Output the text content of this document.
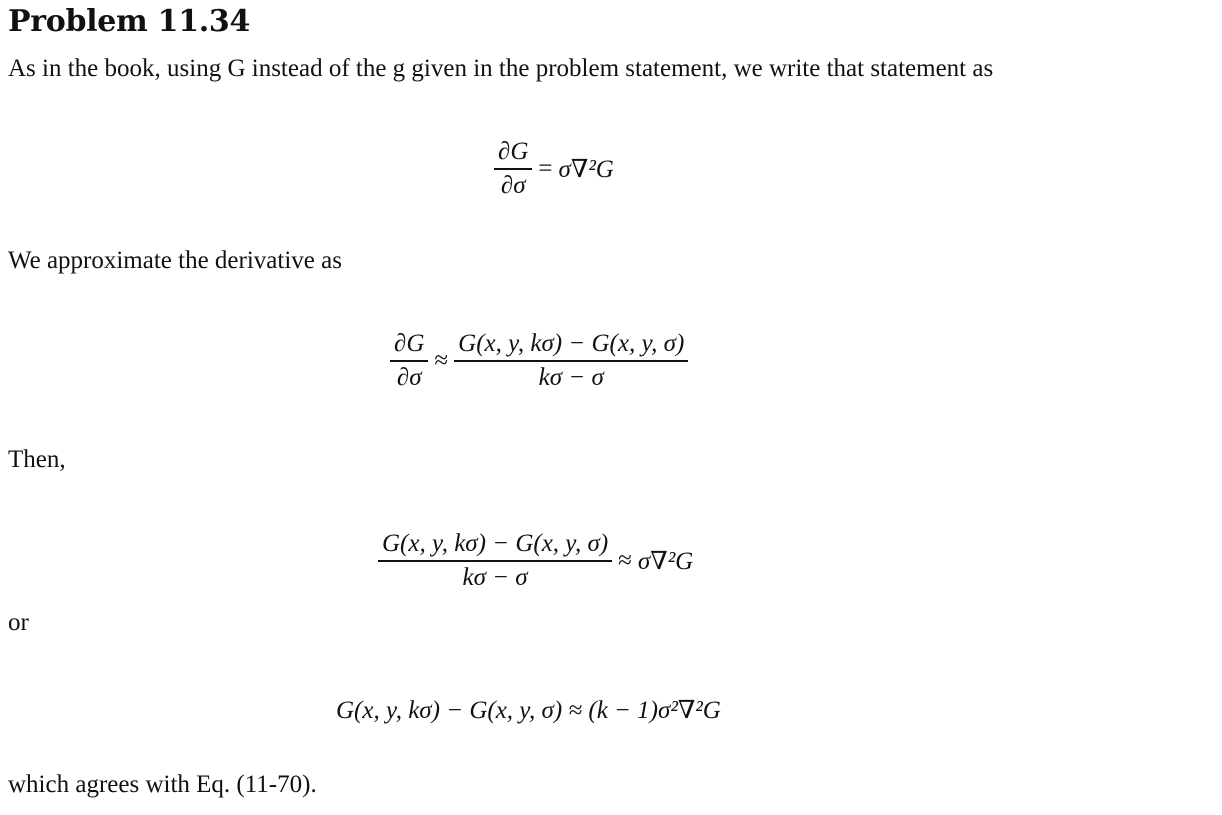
Problem 11.34
As in the book, using G instead of the g given in the problem statement, we write that statement as
$\frac{\partial G}{\partial\sigma} = \sigma\nabla^2G$
We approximate the derivative as
$\frac{\partial G}{\partial\sigma} \approx \frac{G(x, y, k\sigma) - G(x, y, \sigma)}{k\sigma - \sigma}$
Then,
$\frac{G(x, y, k\sigma) - G(x, y, \sigma)}{k\sigma - \sigma} \approx \sigma\nabla^2G$
or
G(x, y, kσ) − G(x, y, σ) ≈ (k − 1)σ²∇²G
which agrees with Eq. (11-70).
